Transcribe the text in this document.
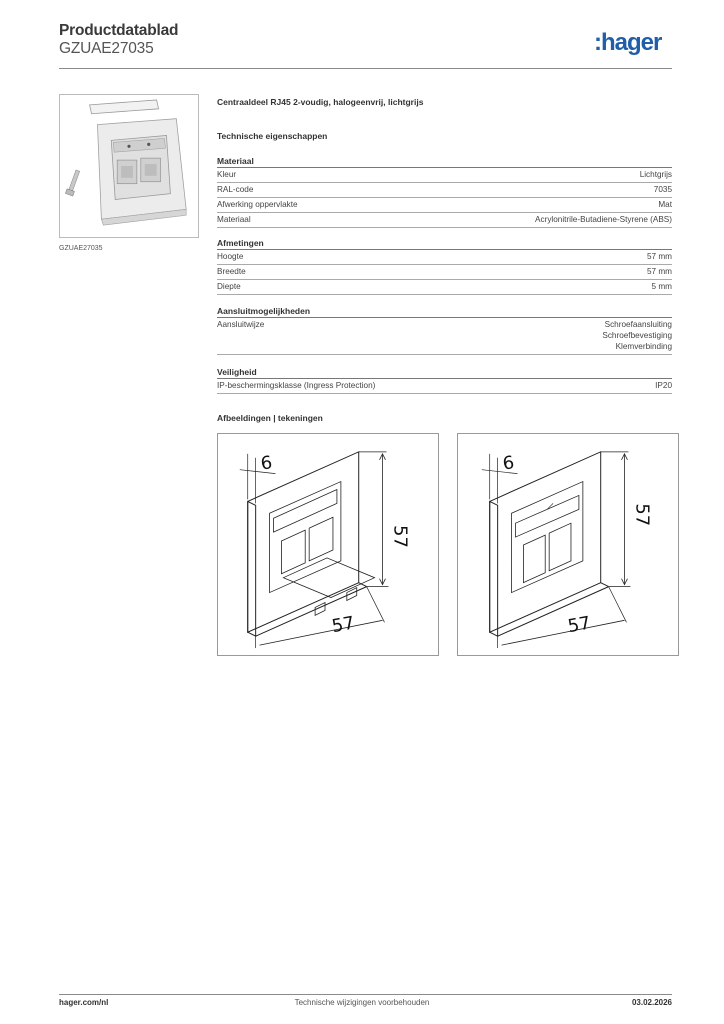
Productdatablad
GZUAE27035	:hager
GZUAE27035
Centraaldeel RJ45 2-voudig, halogeenvrij, lichtgrijs
Technische eigenschappen
Materiaal
Kleur	Lichtgrijs
RAL-code	7035
Afwerking oppervlakte	Mat
Materiaal	Acrylonitrile-Butadiene-Styrene (ABS)
Afmetingen
Hoogte	57 mm
Breedte	57 mm
Diepte	5 mm
Aansluitmogelijkheden
Aansluitwijze	Schroefaansluiting
Schroefbevestiging
Klemverbinding
Veiligheid
IP-beschermingsklasse (Ingress Protection)	IP20
Afbeeldingen | tekeningen
6
57
57
6
57
57
hager.com/nl	Technische wijzigingen voorbehouden	03.02.2026
